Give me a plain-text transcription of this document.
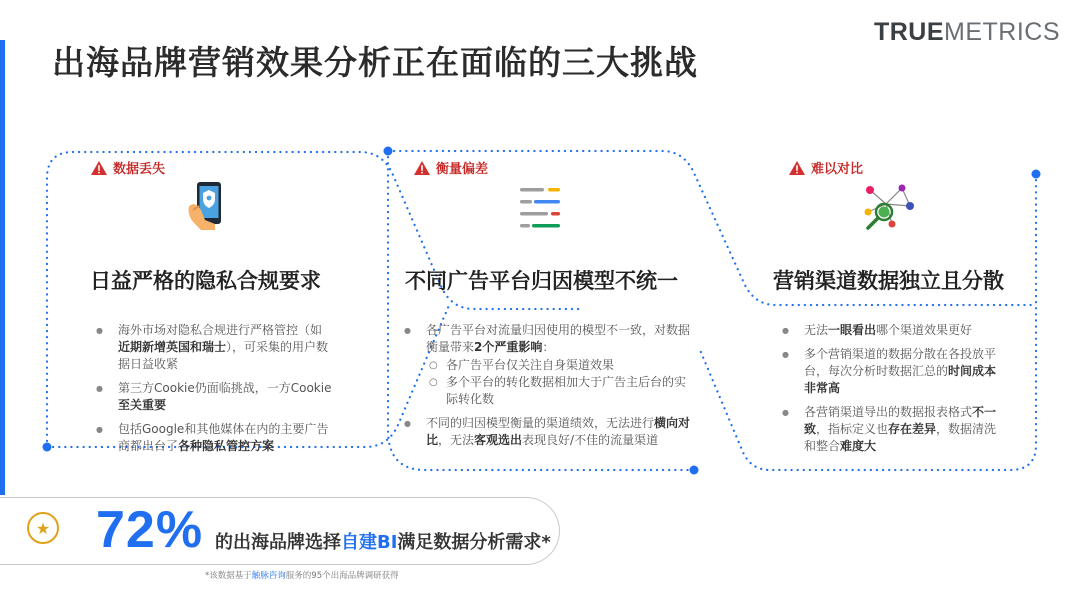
TRUEMETRICS
出海品牌营销效果分析正在面临的三大挑战
数据丢失
日益严格的隐私合规要求
● 海外市场对隐私合规进行严格管控（如近期新增英国和瑞士），可采集的用户数据日益收紧
● 第三方Cookie仍面临挑战，一方Cookie至关重要
● 包括Google和其他媒体在内的主要广告商都出台了各种隐私管控方案
衡量偏差
不同广告平台归因模型不统一
● 各广告平台对流量归因使用的模型不一致，对数据衡量带来2个严重影响：
○ 各广告平台仅关注自身渠道效果
○ 多个平台的转化数据相加大于广告主后台的实际转化数
● 不同的归因模型衡量的渠道绩效，无法进行横向对比，无法客观选出表现良好/不佳的流量渠道
难以对比
营销渠道数据独立且分散
● 无法一眼看出哪个渠道效果更好
● 多个营销渠道的数据分散在各投放平台，每次分析时数据汇总的时间成本非常高
● 各营销渠道导出的数据报表格式不一致，指标定义也存在差异，数据清洗和整合难度大
★ 72% 的出海品牌选择自建BI满足数据分析需求*
*该数据基于触脉咨询服务的95个出海品牌调研获得
